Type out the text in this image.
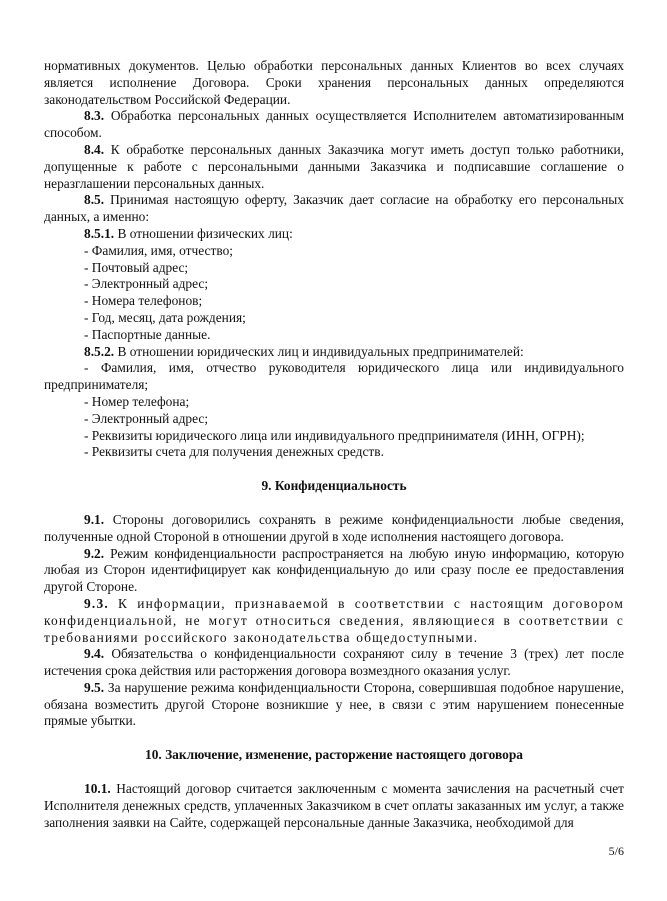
нормативных документов. Целью обработки персональных данных Клиентов во всех случаях является исполнение Договора. Сроки хранения персональных данных определяются законодательством Российской Федерации.

8.3. Обработка персональных данных осуществляется Исполнителем автоматизированным способом.

8.4. К обработке персональных данных Заказчика могут иметь доступ только работники, допущенные к работе с персональными данными Заказчика и подписавшие соглашение о неразглашении персональных данных.

8.5. Принимая настоящую оферту, Заказчик дает согласие на обработку его персональных данных, а именно:

8.5.1. В отношении физических лиц:

- Фамилия, имя, отчество;

- Почтовый адрес;

- Электронный адрес;

- Номера телефонов;

- Год, месяц, дата рождения;

- Паспортные данные.

8.5.2. В отношении юридических лиц и индивидуальных предпринимателей:

- Фамилия, имя, отчество руководителя юридического лица или индивидуального предпринимателя;

- Номер телефона;

- Электронный адрес;

- Реквизиты юридического лица или индивидуального предпринимателя (ИНН, ОГРН);

- Реквизиты счета для получения денежных средств.

9. Конфиденциальность

9.1. Стороны договорились сохранять в режиме конфиденциальности любые сведения, полученные одной Стороной в отношении другой в ходе исполнения настоящего договора.

9.2. Режим конфиденциальности распространяется на любую иную информацию, которую любая из Сторон идентифицирует как конфиденциальную до или сразу после ее предоставления другой Стороне.

9.3. К информации, признаваемой в соответствии с настоящим договором конфиденциальной, не могут относиться сведения, являющиеся в соответствии с требованиями российского законодательства общедоступными.

9.4. Обязательства о конфиденциальности сохраняют силу в течение 3 (трех) лет после истечения срока действия или расторжения договора возмездного оказания услуг.

9.5. За нарушение режима конфиденциальности Сторона, совершившая подобное нарушение, обязана возместить другой Стороне возникшие у нее, в связи с этим нарушением понесенные прямые убытки.

10. Заключение, изменение, расторжение настоящего договора

10.1. Настоящий договор считается заключенным с момента зачисления на расчетный счет Исполнителя денежных средств, уплаченных Заказчиком в счет оплаты заказанных им услуг, а также заполнения заявки на Сайте, содержащей персональные данные Заказчика, необходимой для

5/6
